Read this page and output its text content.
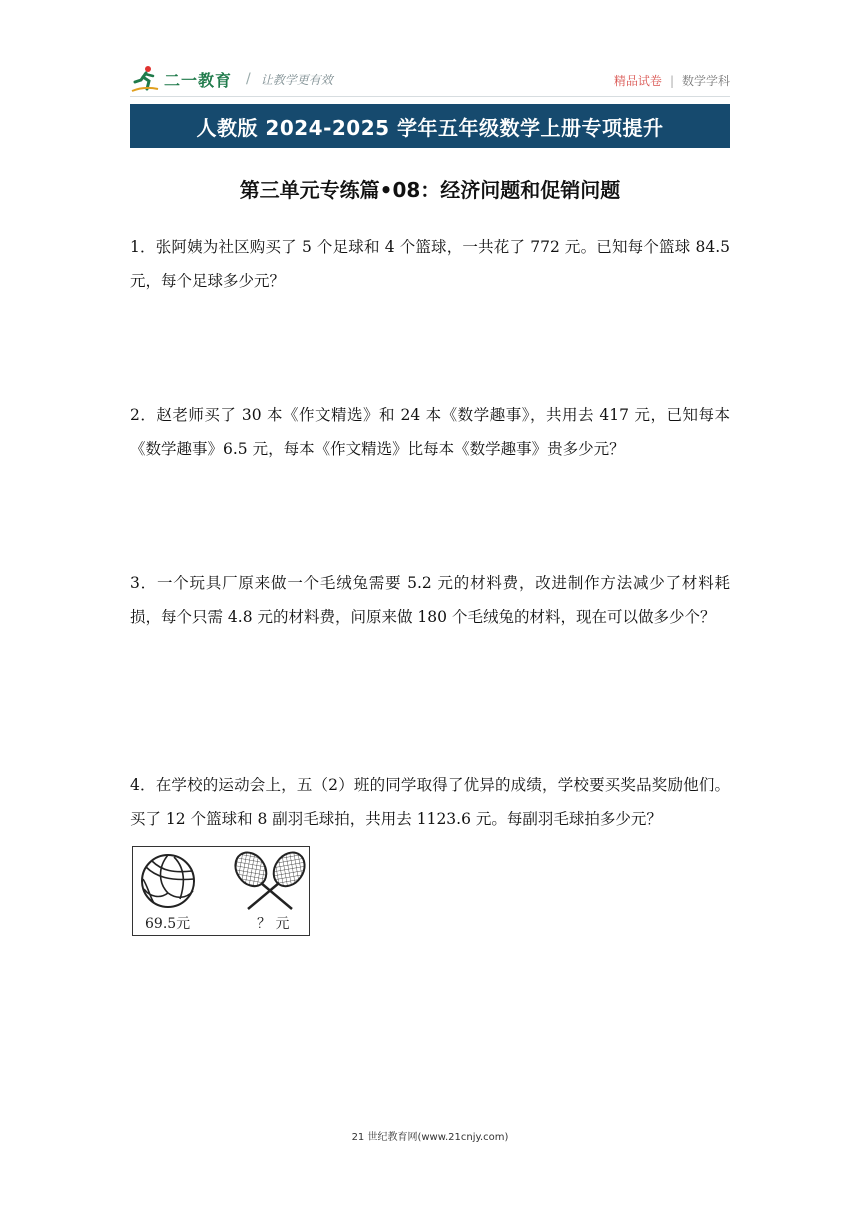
二一教育 / 让教学更有效	精品试卷 | 数学学科
人教版 2024-2025 学年五年级数学上册专项提升
第三单元专练篇•08：经济问题和促销问题
1．张阿姨为社区购买了 5 个足球和 4 个篮球，一共花了 772 元。已知每个篮球 84.5 元，每个足球多少元？
2．赵老师买了 30 本《作文精选》和 24 本《数学趣事》，共用去 417 元，已知每本《数学趣事》6.5 元，每本《作文精选》比每本《数学趣事》贵多少元？
3．一个玩具厂原来做一个毛绒兔需要 5.2 元的材料费，改进制作方法减少了材料耗损，每个只需 4.8 元的材料费，问原来做 180 个毛绒兔的材料，现在可以做多少个？
4．在学校的运动会上，五（2）班的同学取得了优异的成绩，学校要买奖品奖励他们。买了 12 个篮球和 8 副羽毛球拍，共用去 1123.6 元。每副羽毛球拍多少元？
69.5元	？ 元
21 世纪教育网(www.21cnjy.com)
